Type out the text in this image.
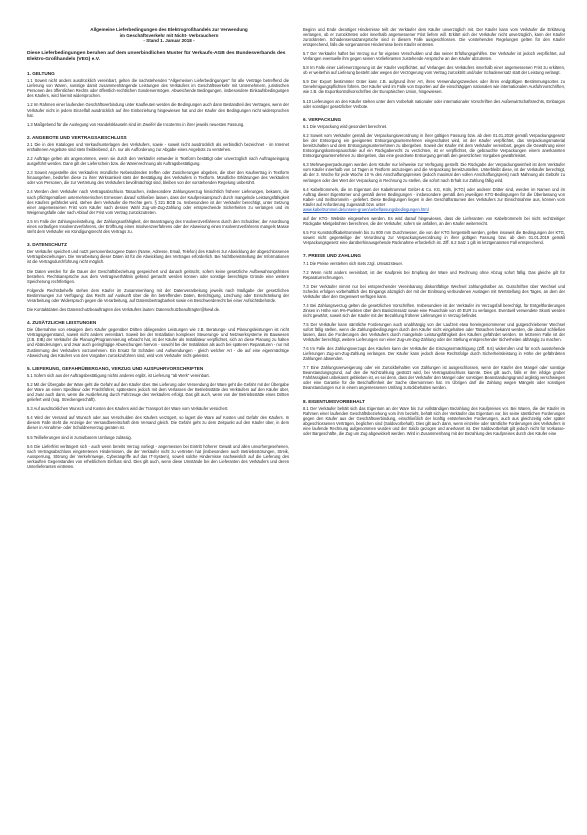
Allgemeine Lieferbedingungen des Elektrogroßhandels zur Verwendung
im Geschäftsverkehr mit Nicht- Verbrauchern
- Stand 1. Januar 2018 -
Diese Lieferbedingungen beruhen auf dem unverbindlichen Muster für Verkaufs-AGB des Bundesverbands des Elektro-Großhandels (VEG) e.V.
1. GELTUNG

1.1 Soweit nicht anders ausdrücklich vereinbart, gelten die nachstehenden "Allgemeinen Lieferbedingungen" für alle Verträge betreffend die Lieferung von Waren, sonstige damit zusammenhängende Leistungen des Verkäufers im Geschäftsverkehr mit Unternehmern, juristischen Personen des öffentlichen Rechts oder öffentlich-rechtlichen Sondervermögen. Abweichende Bedingungen, insbesondere Einkaufsbedingungen des Käufers, wird hiermit widersprochen.

1.2 Im Rahmen einer laufenden Geschäftsverbindung unter Kaufleuten werden die Bedingungen auch dann Bestandteil des Vertrages, wenn der Verkäufer nicht in jedem Einzelfall ausdrücklich auf ihre Einbeziehung hingewiesen hat und der Käufer den Bedingungen nicht widersprochen hat.

1.3 Maßgebend für die Auslegung von Handelsklauseln sind im Zweifel die Incoterms in ihrer jeweils neuesten Fassung.

2. ANGEBOTE UND VERTRAGSABSCHLUSS

2.1 Die in den Katalogen und Verkaufsunterlagen des Verkäufers, sowie - soweit nicht ausdrücklich als verbindlich bezeichnet - im Internet enthaltenen Angebote sind stets freibleibend, d.h. nur als Aufforderung zur Abgabe eines Angebots zu verstehen.

2.2 Aufträge gelten als angenommen, wenn sie durch den Verkäufer entweder in Textform bestätigt oder unverzüglich nach Auftragseingang ausgeführt werden. Dann gilt der Lieferschein bzw. die Warenrechnung als Auftragsbestätigung.

2.3 Soweit Angestellte des Verkäufers mündliche Nebenabreden treffen oder Zusicherungen abgeben, die über den Kaufvertrag in Textform hinausgehen, bedürfen diese zu ihrer Wirksamkeit stets der Bestätigung des Verkäufers in Textform. Mündliche Erklärungen des Verkäufers oder von Personen, die zur Vertretung des Verkäufers bevollmächtigt sind, bleiben von der vorstehenden Regelung unberührt.

2.4 Werden dem Verkäufer nach Vertragsabschluss Tatsachen, insbesondere Zahlungsverzug hinsichtlich früherer Lieferungen, bekannt, die nach pflichtgemäßem unternehmerischen Ermessen darauf schließen lassen, dass der Kaufpreisanspruch durch mangelnde Leistungsfähigkeit des Käufers gefährdet wird, stehen dem Verkäufer die Rechte gem. § 321 BGB zu. Insbesondere ist der Verkäufer berechtigt, unter Setzung einer angemessenen Frist vom Käufer nach dessen Wahl Zug-um-Zug-Zahlung oder entsprechende Sicherheiten zu verlangen und im Weigerungsfalle oder nach Ablauf der Frist vom Vertrag zurückzutreten.

2.5 Im Falle der Zahlungseinstellung, der Zahlungsunfähigkeit, der Beantragung des Insolvenzverfahrens durch den Schuldner, der Anordnung eines vorläufigen Insolvenzverfahrens, der Eröffnung eines Insolvenzverfahrens oder der Abweisung eines Insolvenzverfahrens mangels Masse steht dem Verkäufer ein Kündigungsrecht des Vertrags zu.

3. DATENSCHUTZ

Der Verkäufer speichert und nutzt personenbezogene Daten (Name, Adresse, Email, Telefon) des Käufers zur Abwicklung der abgeschlossenen Vertragsbeziehungen. Die Verarbeitung dieser Daten ist für die Abwicklung des Vertrages erforderlich. Bei Nichtbereitstellung der Informationen ist die Vertragsdurchführung nicht möglich.

Die Daten werden für die Dauer der Geschäftsbeziehung gespeichert und danach gelöscht, sofern keine gesetzliche Aufbewahrungsfristen bestehen. Rechtsansprüche aus dem Vertragsverhältnis geltend gemacht werden können oder sonstige berechtigte Gründe eine weitere Speicherung rechtfertigen.

Folgende Rechtsbehelfe stehen dem Käufer im Zusammenhang mit der Datenverarbeitung jeweils nach Maßgabe der gesetzlichen Bestimmungen zur Verfügung: das Recht auf Auskunft über die ihn betreffenden Daten, Berichtigung, Löschung oder Einschränkung der Verarbeitung oder Widerspruch gegen die Verarbeitung, auf Datenübertragbarkeit sowie ein Beschwerderecht bei einer Aufsichtsbehörde.

Die Kontaktdaten des Datenschutzbeauftragten des Verkäufers lauten: Datenschutzbeauftragter@kewl.de.

4. ZUSÄTZLICHE LEISTUNGEN

Die Übernahme von etwaigen dem Käufer gegenüber Dritten obliegenden Leistungen wie z.B. Beratungs- und Planungsleistungen ist nicht Vertragsgegenstand, soweit nicht anders vereinbart. Soweit bei der Installation komplexer Steuerungs- und Netzwerksysteme im Bauwesen (z.B. EIB) der Verkäufer die Planung/Programmierung erbracht hat, ist der Käufer als Installateur verpflichtet, sich an diese Planung zu halten und Abänderungen, und zwar auch geringfügige Abweichungen hiervon - sowohl bei der Installation als auch bei späteren Reparaturen - nur mit Zustimmung des Verkäufers vorzunehmen. Ein Ersatz für Schäden und Aufwendungen - gleich welcher Art - die auf eine eigenmächtige Abweichung des Käufers von den Vorgaben zurückzuführen sind, wird vom Verkäufer nicht geleistet.

5. LIEFERUNG, GEFAHRÜBERGANG, VERZUG UND AUSFUHRVORSCHRIFTEN

5.1 Sofern sich aus der Auftragsbestätigung nichts anderes ergibt, ist Lieferung "ab Werk" vereinbart.

5.2 Mit der Übergabe der Ware geht die Gefahr auf den Käufer über. Bei Lieferung oder Versendung der Ware geht die Gefahr mit der Übergabe der Ware an einen Spediteur oder Frachtführer, spätestens jedoch mit dem Verlassen der Betriebsstätte des Verkäufers auf den Käufer über, und zwar auch dann, wenn die Auslieferung durch Fahrzeuge des Verkäufers erfolgt. Das gilt auch, wenn von der Betriebsstätte eines Dritten geliefert wird (sog. Streckengeschäft).

5.3 Auf ausdrücklichen Wunsch und Kosten des Käufers wird der Transport der Ware vom Verkäufer versichert.

5.4 Wird der Versand auf Wunsch oder aus Verschulden des Käufers verzögert, so lagert die Ware auf Kosten und Gefahr des Käufers. In diesem Falle steht die Anzeige der Versandbereitschaft dem Versand gleich. Die Gefahr geht zu dem Zeitpunkt auf den Käufer über, in dem dieser in Annahme- oder Schuldnerverzug geraten ist.

5.5 Teillieferungen sind in zumutbarem Umfange zulässig.

5.6 Die Lieferfrist verlängert sich - auch wenn bereits Verzug vorliegt - angemessen bei Eintritt höherer Gewalt und allen unvorhergesehenen, nach Vertragsabschluss eingetretenen Hindernissen, die der Verkäufer nicht zu vertreten hat (insbesondere auch Betriebsstörungen, Streik, Aussperrung, Störung der Verkehrswege, Cyberangriffe auf das IT-System), soweit solche Hindernisse nachweislich auf die Lieferung des verkauften Gegenstandes von erheblichem Einfluss sind. Dies gilt auch, wenn diese Umstände bei den Lieferanten des Verkäufers und deren Unterlieferanten eintreten.

Beginn und Ende derartiger Hindernisse teilt der Verkäufer dem Käufer unverzüglich mit. Der Käufer kann vom Verkäufer die Erklärung verlangen, ob er zurücktreten oder innerhalb angemessener Frist liefern will. Erklärt sich der Verkäufer nicht unverzüglich, kann der Käufer zurücktreten. Schadensersatzansprüche sind in diesem Falle ausgeschlossen. Die vorstehenden Regelungen gelten für den Käufer entsprechend, falls die vorgenannten Hindernisse beim Käufer eintreten.

5.7 Der Verkäufer haftet bei Verzug nur für eigenes Verschulden und das seiner Erfüllungsgehilfen. Der Verkäufer ist jedoch verpflichtet, auf Verlangen eventuelle ihm gegen seinen Vorlieferanten zustehende Ansprüche an den Käufer abzutreten.

5.8 Im Falle einer Lieferverzögerung ist der Käufer verpflichtet, auf Verlangen des Verkäufers innerhalb einer angemessenen Frist zu erklären, ob er weiterhin auf Lieferung besteht oder wegen der Verzögerung vom Vertrag zurücktritt und/oder Schadenersatz statt der Leistung verlangt.

5.9 Der Export bestimmter Güter kann z.B. aufgrund ihrer Art, ihres Verwendungszweckes oder ihres endgültigen Bestimmungsortes zu Genehmigungspflichten führen. Der Käufer wird im Falle von Exporten auf die einschlägigen nationalen wie internationalen Ausfuhrvorschriften, wie z.B. die Exportkontrollvorschriften der Europäischen Union, hingewiesen.

5.10 Lieferungen an den Käufer stehen unter dem Vorbehalt nationaler oder internationaler Vorschriften des Außenwirtschaftsrechts, Embargos oder sonstiger gesetzlicher Verbote.

6. VERPACKUNG

6.1 Die Verpackung wird gesondert berechnet.

6.2 Soweit vom Verkäufer gemäß der Verpackungsverordnung in ihrer gültigen Fassung bzw. ab dem 01.01.2019 gemäß Verpackungsgesetz bei der Entsorgung ein geeignetes Entsorgungsunternehmen eingeschaltet wird, ist der Käufer verpflichtet, das Verpackungsmaterial bereitzuhalten und dem Entsorgungsunternehmen zu übergeben. Soweit der Käufer mit dem Verkäufer vereinbart, gegen die Gewährung einer Entsorgungskostenpauschale auf ein Rückgaberecht zu verzichten, ist er verpflichtet, die gebrauchte Verpackungen einem anerkannten Entsorgungsunternehmen zu übergeben, das eine geordnete Entsorgung gemäß den gesetzlichen Vorgaben gewährleistet.

6.3 Mehrwegverpackungen werden dem Käufer nur leihweise zur Verfügung gestellt. Die Rückgabe der Verpackungseinheit ist dem Verkäufer vom Käufer innerhalb von 14 Tagen in Textform anzuzeigen und die Verpackung bereitzustellen. Unterbleibt diese, ist der Verkäufer berechtigt, ab der 3. Woche für jede Woche 10 % des Anschaffungspreises (jedoch maximal den vollen Anschaffungspreis) nach Mahnung als Gebühr zu verlangen oder den Wert der Verpackung in Rechnung zu stellen, die sofort nach Erhalt zur Zahlung fällig wird.

6.4 Kabeltrommeln, die im Eigentum der Kabeltrommel GmbH & Co. KG, Köln, (KTG) oder anderer Dritter sind, werden im Namen und im Auftrag dieser Eigentümer und gemäß deren Bedingungen - insbesondere gemäß den jeweiligen KTG-Bedingungen für die Überlassung von Kabel- und Seiltrommeln - geliefert. Diese Bedingungen liegen in den Geschäftsräumen des Verkäufers zur Einsichtnahme aus, können vom Käufer auf Anforderung zugesandt bzw. unter

www.kabeltrommel.de/unsere-gruen/uebeflassungsbedingungen.html

auf der KTG- Website eingesehen werden. Es wird darauf hingewiesen, dass die Lieferanten von Kabeltrommeln bei nicht rechtzeitiger Rückgabe Mietgebühren berechnen, die der Verkäufer, sofern sie anfallen, an den Käufer weiterreicht.

6.5 Für Kunststoffkabeltrommeln bis zu 800 mm Durchmesser, die von der KTG hergestellt werden, gelten insoweit die Bedingungen der KTG, soweit nicht gegenteilige der Verordnung zur Verpackungsverordnung in ihrer gültigen Fassung bzw. ab dem 01.01.2019 gemäß Verpackungsgesetz eine darüberhinausgehende Rücknahme erforderlich ist. Ziff. 6.2 Satz 1 gilt im letztgenannten Fall entsprechend.

7. PREISE UND ZAHLUNG

7.1 Die Preise verstehen sich stets zzgl. Umsatzsteuer.

7.2 Wenn nicht anders vereinbart, ist der Kaufpreis bei Empfang der Ware und Rechnung ohne Abzug sofort fällig. Das gleiche gilt für Reparaturrechnungen.

7.3 Der Verkäufer nimmt nur bei entsprechender Vereinbarung diskontfähige Wechsel zahlungshalber an. Gutschriften über Wechsel und Schecks erfolgen vorbehaltlich des Eingangs abzüglich der mit der Einlösung verbundenen Auslagen mit Wertstellung des Tages, an dem der Verkäufer über den Gegenwert verfügen kann.

7.4 Bei Zahlungsverzug gelten die gesetzlichen Vorschriften. Insbesondere ist der Verkäufer im Verzugsfall berechtigt, für Entgeltforderungen Zinsen in Höhe von 9%-Punkten über dem Basiszinssatz sowie eine Pauschale von 40 EUR zu verlangen. Eventuell verwendete Skonti werden nicht gewährt, soweit sich der Käufer mit der Bezahlung früherer Lieferungen in Verzug befindet.

7.5 Der Verkäufer kann sämtliche Forderungen auch unabhängig von der Laufzeit etwa hereingenommener und gutgeschriebener Wechsel sofort fällig stellen, wenn die Zahlungsbedingungen durch den Käufer nicht eingehalten oder Tatsachen bekannt werden, die darauf schließen lassen, dass die Forderungen des Verkäufers durch mangelnde Leistungsfähigkeit des Käufers gefährdet werden. Im letzteren Falle ist der Verkäufer berechtigt, weitere Lieferungen von einer Zug-um-Zug-Zahlung oder der Stellung entsprechender Sicherheiten abhängig zu machen.

7.6 Im Falle des Zahlungsverzugs des Käufers kann der Verkäufer die Einzugsermächtigung (Ziff. 8.6) widerrufen und für noch ausstehende Lieferungen Zug-um-Zug-Zahlung verlangen. Der Käufer kann jedoch diese Rechtsfolge durch Sicherheitsleistung in Höhe der gefährdeten Zahlungen abwenden.

7.7 Eine Zahlungsverweigerung oder ein Zurückbehalten von Zahlungen ist ausgeschlossen, wenn der Käufer den Mangel oder sonstige Beanstandungsgrund, auf den die Nichtzahlung gestützt wird, bei Vertragsabschluss kannte. Dies gilt auch, falls er ihm infolge grober Fahrlässigkeit unbekannt geblieben ist, es sei denn, dass der Verkäufer den Mangel oder sonstigen Beanstandungsgrund arglistig verschwiegen oder eine Garantie für die Beschaffenheit der Sache übernommen hat. Im Übrigen darf die Zahlung wegen Mängeln oder sonstigen Beanstandungen nur in einem angemessenen Umfang zurückbehalten werden.

8. EIGENTUMSVORBEHALT

8.1 Der Verkäufer behält sich das Eigentum an der Ware bis zur vollständigen Bezahlung des Kaufpreises vor. Bei Waren, die der Käufer im Rahmen einer laufenden Geschäftsbeziehung vom ihm bezieht, behält sich der Verkäufer das Eigentum vor, bis seine sämtlichen Forderungen gegen den Käufer aus der Geschäftsverbindung, einschließlich der künftig entstehenden Forderungen, auch aus gleichzeitig oder später abgeschlossenen Verträgen, beglichen sind (Saldovorbehalt). Dies gilt auch dann, wenn einzelne oder sämtliche Forderungen des Verkäufers in eine laufende Rechnung aufgenommen wurden und der Saldo gezogen und anerkannt ist. Der Saldovorbehalt gilt jedoch nicht für Vorkasse- oder Bargeschäfte, die Zug um Zug abgewickelt werden. Wird in Zusammenhang mit der Bezahlung des Kaufpreises durch den Käufer eine
